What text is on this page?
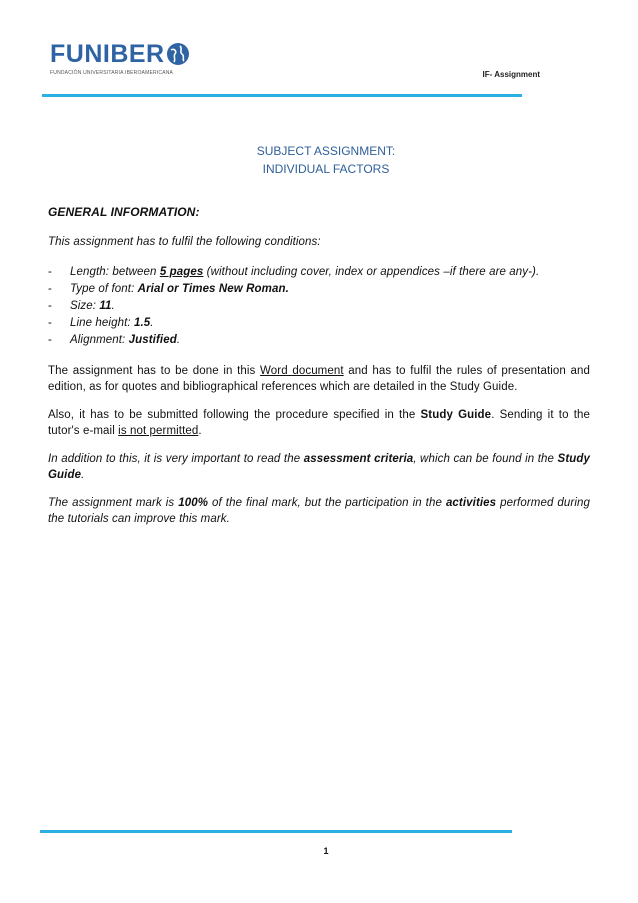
FUNIBER
FUNDACIÓN UNIVERSITARIA IBEROAMERICANA	IF- Assignment
SUBJECT ASSIGNMENT:
INDIVIDUAL FACTORS
GENERAL INFORMATION:
This assignment has to fulfil the following conditions:
- Length: between 5 pages (without including cover, index or appendices –if there are any-).
- Type of font: Arial or Times New Roman.
- Size: 11.
- Line height: 1.5.
- Alignment: Justified.

The assignment has to be done in this Word document and has to fulfil the rules of presentation and edition, as for quotes and bibliographical references which are detailed in the Study Guide.

Also, it has to be submitted following the procedure specified in the Study Guide. Sending it to the tutor's e-mail is not permitted.

In addition to this, it is very important to read the assessment criteria, which can be found in the Study Guide.

The assignment mark is 100% of the final mark, but the participation in the activities performed during the tutorials can improve this mark.

1
